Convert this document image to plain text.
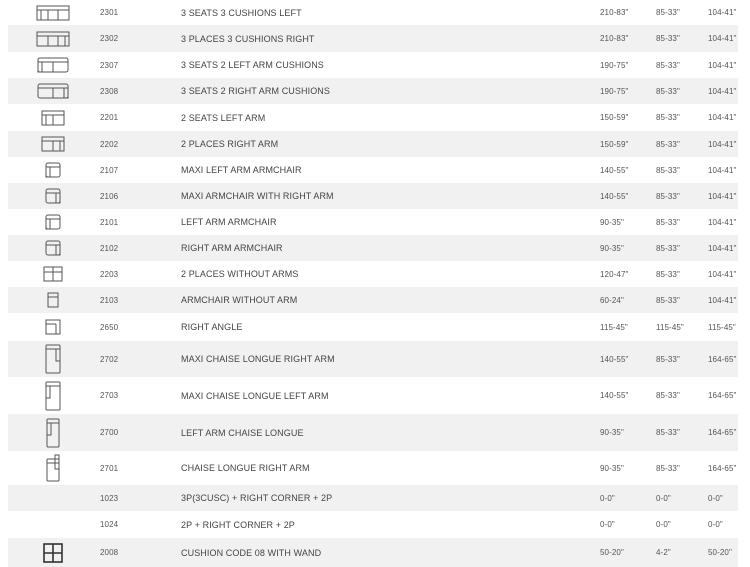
2301	3 SEATS 3 CUSHIONS LEFT	210-83"	85-33"	104-41"
2302	3 PLACES 3 CUSHIONS RIGHT	210-83"	85-33"	104-41"
2307	3 SEATS 2 LEFT ARM CUSHIONS	190-75"	85-33"	104-41"
2308	3 SEATS 2 RIGHT ARM CUSHIONS	190-75"	85-33"	104-41"
2201	2 SEATS LEFT ARM	150-59"	85-33"	104-41"
2202	2 PLACES RIGHT ARM	150-59"	85-33"	104-41"
2107	MAXI LEFT ARM ARMCHAIR	140-55"	85-33"	104-41"
2106	MAXI ARMCHAIR WITH RIGHT ARM	140-55"	85-33"	104-41"
2101	LEFT ARM ARMCHAIR	90-35"	85-33"	104-41"
2102	RIGHT ARM ARMCHAIR	90-35"	85-33"	104-41"
2203	2 PLACES WITHOUT ARMS	120-47"	85-33"	104-41"
2103	ARMCHAIR WITHOUT ARM	60-24"	85-33"	104-41"
2650	RIGHT ANGLE	115-45"	115-45"	115-45"
2702	MAXI CHAISE LONGUE RIGHT ARM	140-55"	85-33"	164-65"
2703	MAXI CHAISE LONGUE LEFT ARM	140-55"	85-33"	164-65"
2700	LEFT ARM CHAISE LONGUE	90-35"	85-33"	164-65"
2701	CHAISE LONGUE RIGHT ARM	90-35"	85-33"	164-65"
1023	3P(3CUSC) + RIGHT CORNER + 2P	0-0"	0-0"	0-0"
1024	2P + RIGHT CORNER + 2P	0-0"	0-0"	0-0"
2008	CUSHION CODE 08 WITH WAND	50-20"	4-2"	50-20"
